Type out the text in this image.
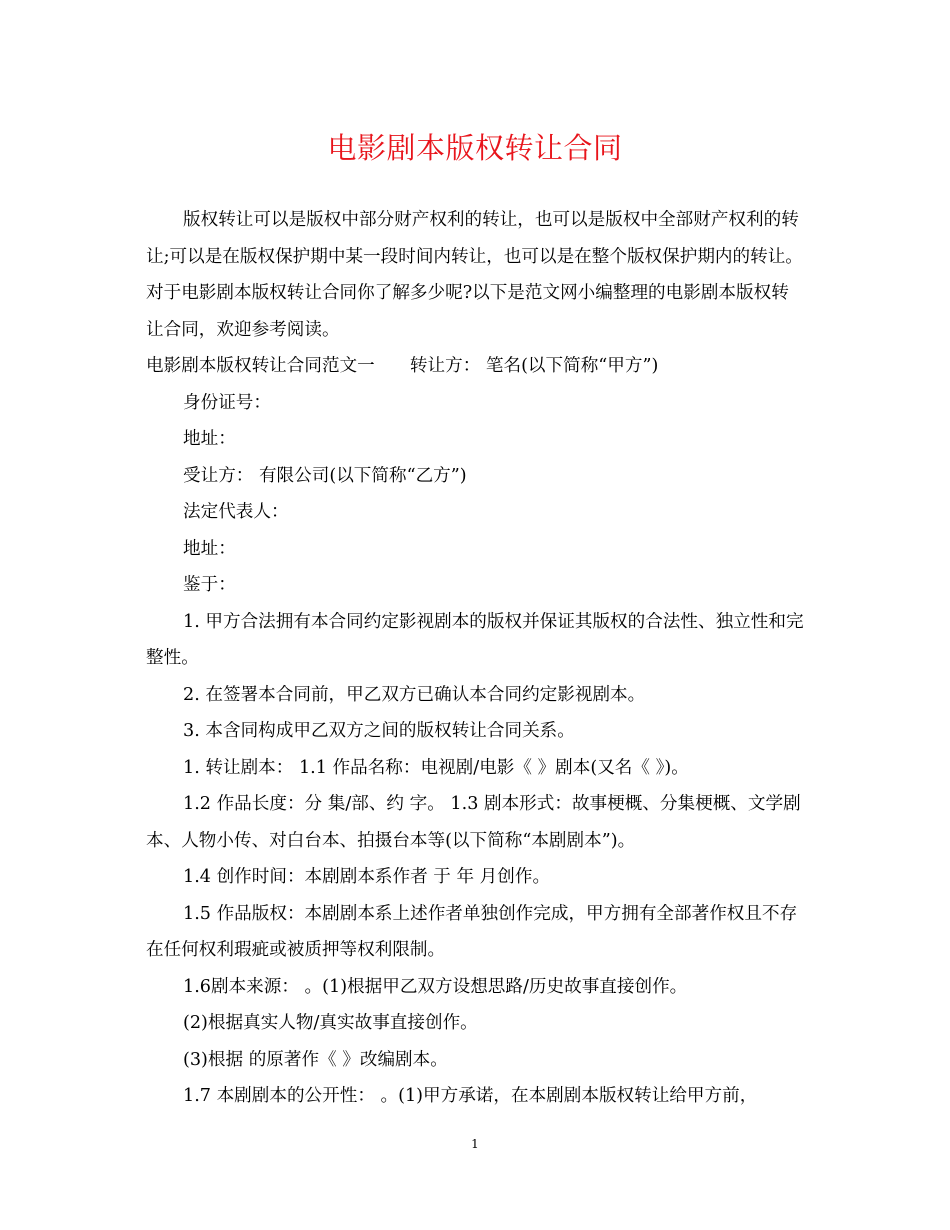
电影剧本版权转让合同

版权转让可以是版权中部分财产权利的转让，也可以是版权中全部财产权利的转让;可以是在版权保护期中某一段时间内转让，也可以是在整个版权保护期内的转让。对于电影剧本版权转让合同你了解多少呢?以下是范文网小编整理的电影剧本版权转让合同，欢迎参考阅读。

电影剧本版权转让合同范文一　　转让方： 笔名(以下简称“甲方”)

身份证号：

地址：

受让方： 有限公司(以下简称“乙方”)

法定代表人：

地址：

鉴于：

1. 甲方合法拥有本合同约定影视剧本的版权并保证其版权的合法性、独立性和完整性。

2. 在签署本合同前，甲乙双方已确认本合同约定影视剧本。

3. 本含同构成甲乙双方之间的版权转让合同关系。

1. 转让剧本： 1.1 作品名称：电视剧/电影《 》剧本(又名《 》)。

1.2 作品长度：分 集/部、约 字。 1.3 剧本形式：故事梗概、分集梗概、文学剧本、人物小传、对白台本、拍摄台本等(以下简称“本剧剧本”)。

1.4 创作时间：本剧剧本系作者 于 年 月创作。

1.5 作品版权：本剧剧本系上述作者单独创作完成，甲方拥有全部著作权且不存在任何权利瑕疵或被质押等权利限制。

1.6剧本来源： 。(1)根据甲乙双方设想思路/历史故事直接创作。

(2)根据真实人物/真实故事直接创作。

(3)根据 的原著作《 》改编剧本。

1.7 本剧剧本的公开性： 。(1)甲方承诺，在本剧剧本版权转让给甲方前，

1
